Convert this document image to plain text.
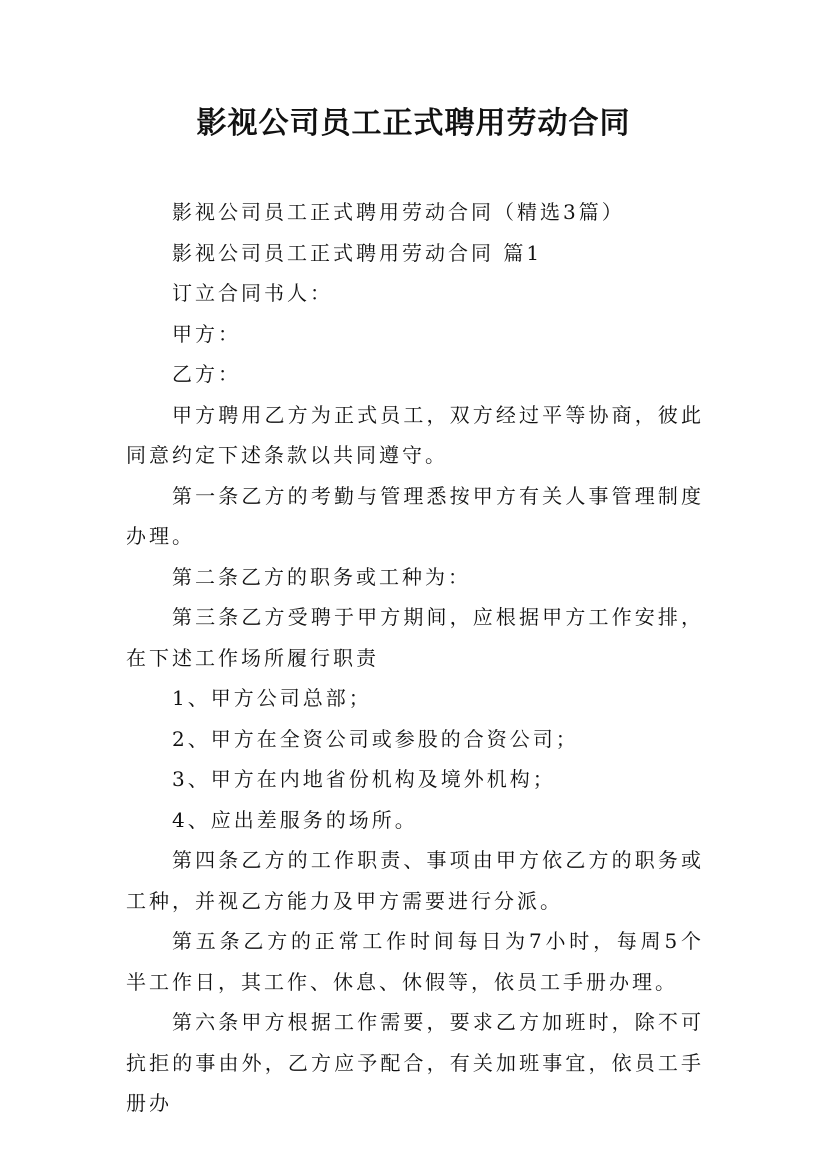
影视公司员工正式聘用劳动合同

影视公司员工正式聘用劳动合同（精选3篇）

影视公司员工正式聘用劳动合同 篇1

订立合同书人：

甲方：

乙方：

甲方聘用乙方为正式员工，双方经过平等协商，彼此同意约定下述条款以共同遵守。

第一条乙方的考勤与管理悉按甲方有关人事管理制度办理。

第二条乙方的职务或工种为：

第三条乙方受聘于甲方期间，应根据甲方工作安排，在下述工作场所履行职责

1、甲方公司总部；

2、甲方在全资公司或参股的合资公司；

3、甲方在内地省份机构及境外机构；

4、应出差服务的场所。

第四条乙方的工作职责、事项由甲方依乙方的职务或工种，并视乙方能力及甲方需要进行分派。

第五条乙方的正常工作时间每日为7小时，每周5个半工作日，其工作、休息、休假等，依员工手册办理。

第六条甲方根据工作需要，要求乙方加班时，除不可抗拒的事由外，乙方应予配合，有关加班事宜，依员工手册办
